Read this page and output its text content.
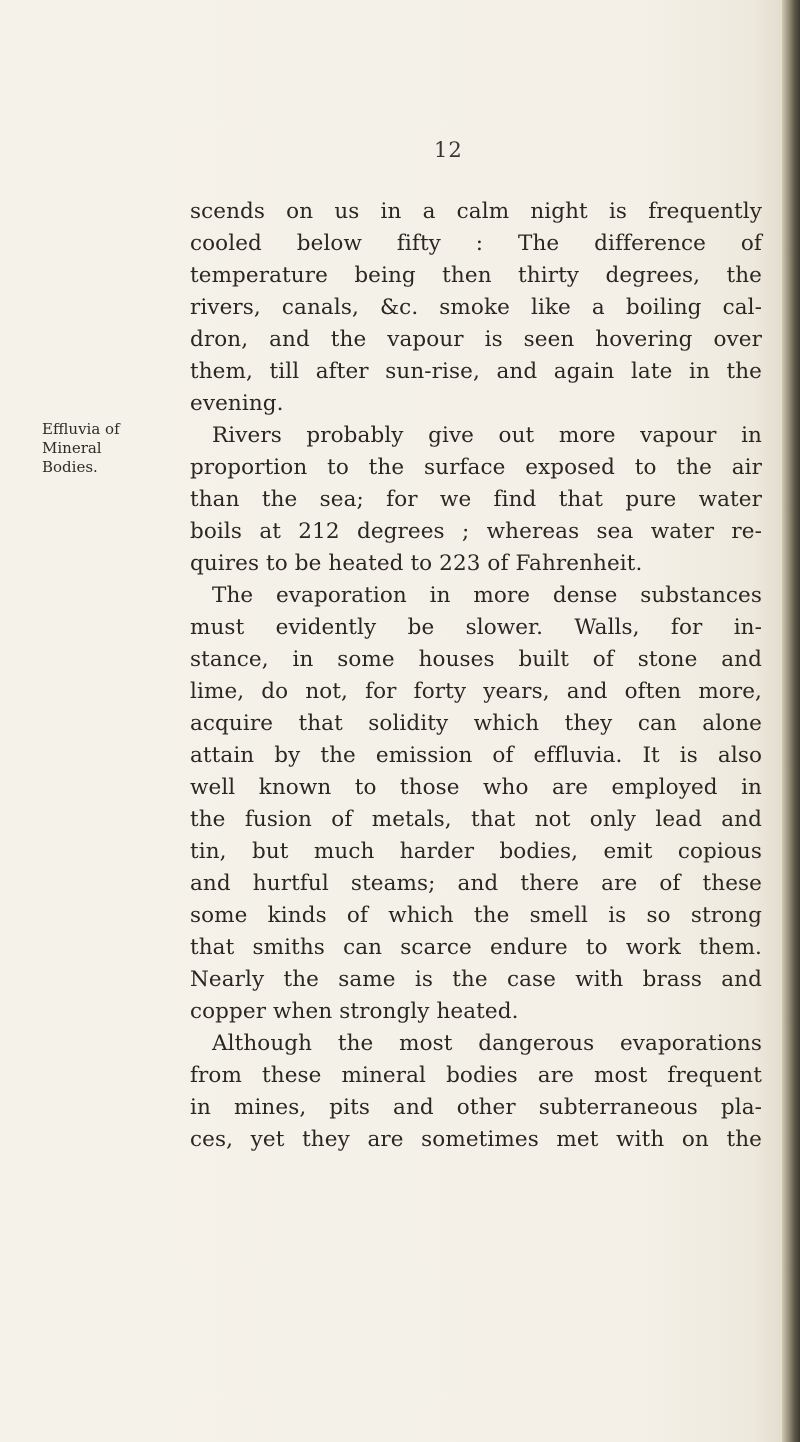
12
Effluvia of
Mineral
Bodies.
scends on us in a calm night is frequently
cooled below fifty : The difference of
temperature being then thirty degrees, the
rivers, canals, &c. smoke like a boiling cal-
dron, and the vapour is seen hovering over
them, till after sun-rise, and again late in the
evening.
Rivers probably give out more vapour in
proportion to the surface exposed to the air
than the sea; for we find that pure water
boils at 212 degrees ; whereas sea water re-
quires to be heated to 223 of Fahrenheit.
The evaporation in more dense substances
must evidently be slower. Walls, for in-
stance, in some houses built of stone and
lime, do not, for forty years, and often more,
acquire that solidity which they can alone
attain by the emission of effluvia. It is also
well known to those who are employed in
the fusion of metals, that not only lead and
tin, but much harder bodies, emit copious
and hurtful steams; and there are of these
some kinds of which the smell is so strong
that smiths can scarce endure to work them.
Nearly the same is the case with brass and
copper when strongly heated.
Although the most dangerous evaporations
from these mineral bodies are most frequent
in mines, pits and other subterraneous pla-
ces, yet they are sometimes met with on the
